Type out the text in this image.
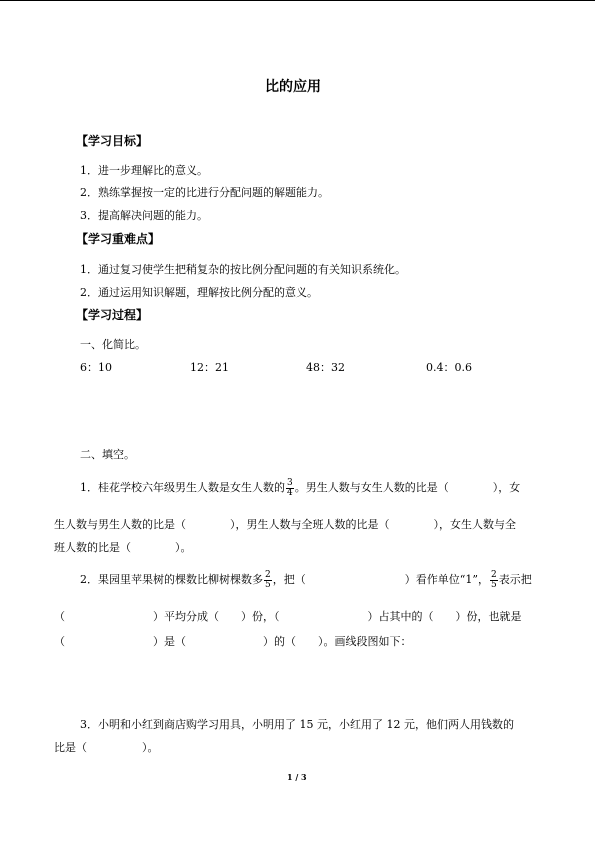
比的应用
【学习目标】
1．进一步理解比的意义。
2．熟练掌握按一定的比进行分配问题的解题能力。
3．提高解决问题的能力。
【学习重难点】
1．通过复习使学生把稍复杂的按比例分配问题的有关知识系统化。
2．通过运用知识解题，理解按比例分配的意义。
【学习过程】
一、化简比。
6：10	12：21	48：32	0.4：0.6
二、填空。
1．桂花学校六年级男生人数是女生人数的 $\frac{3}{4}$ 。男生人数与女生人数的比是（　　　　），女
生人数与男生人数的比是（　　　　），男生人数与全班人数的比是（　　　　），女生人数与全
班人数的比是（　　　　）。
2．果园里苹果树的棵数比柳树棵数多 $\frac{2}{5}$ ，把（　　　　　　　　　）看作单位“1”， $\frac{2}{5}$ 表示把
（　　　　　　　　）平均分成（　　）份，（　　　　　　　　）占其中的（　　）份，也就是
（　　　　　　　　）是（　　　　　　　）的（　　）。画线段图如下：
3．小明和小红到商店购学习用具，小明用了 15 元，小红用了 12 元，他们两人用钱数的
比是（　　　　　）。
1 / 3
